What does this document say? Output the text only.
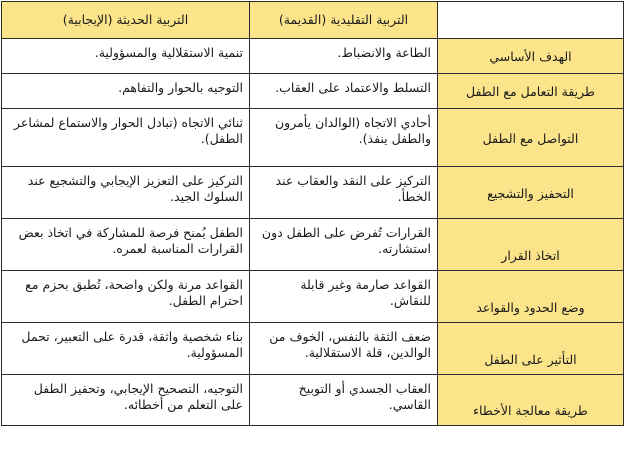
	التربية التقليدية (القديمة)	التربية الحديثة (الإيجابية)
الهدف الأساسي	الطاعة والانضباط.	تنمية الاستقلالية والمسؤولية.
طريقة التعامل مع الطفل	التسلط والاعتماد على العقاب.	التوجيه بالحوار والتفاهم.
التواصل مع الطفل	أحادي الاتجاه (الوالدان يأمرون والطفل ينفذ).	ثنائي الاتجاه (تبادل الحوار والاستماع لمشاعر الطفل).
التحفيز والتشجيع	التركيز على النقد والعقاب عند الخطأ.	التركيز على التعزيز الإيجابي والتشجيع عند السلوك الجيد.
اتخاذ القرار	القرارات تُفرض على الطفل دون استشارته.	الطفل يُمنح فرصة للمشاركة في اتخاذ بعض القرارات المناسبة لعمره.
وضع الحدود والقواعد	القواعد صارمة وغير قابلة للنقاش.	القواعد مرنة ولكن واضحة، تُطبق بحزم مع احترام الطفل.
التأثير على الطفل	ضعف الثقة بالنفس، الخوف من الوالدين، قلة الاستقلالية.	بناء شخصية واثقة، قدرة على التعبير، تحمل المسؤولية.
طريقة معالجة الأخطاء	العقاب الجسدي أو التوبيخ القاسي.	التوجيه، التصحيح الإيجابي، وتحفيز الطفل على التعلم من أخطائه.
